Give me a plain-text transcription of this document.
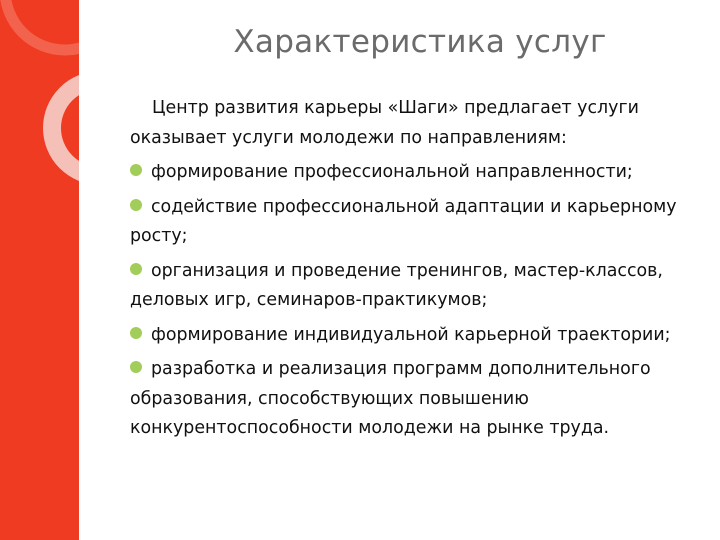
Характеристика услуг
Центр развития карьеры «Шаги» предлагает услуги оказывает услуги молодежи по направлениям:
формирование профессиональной направленности;
содействие профессиональной адаптации и карьерному росту;
организация и проведение тренингов, мастер-классов, деловых игр, семинаров-практикумов;
формирование индивидуальной карьерной траектории;
разработка и реализация программ дополнительного образования, способствующих повышению конкурентоспособности молодежи на рынке труда.
